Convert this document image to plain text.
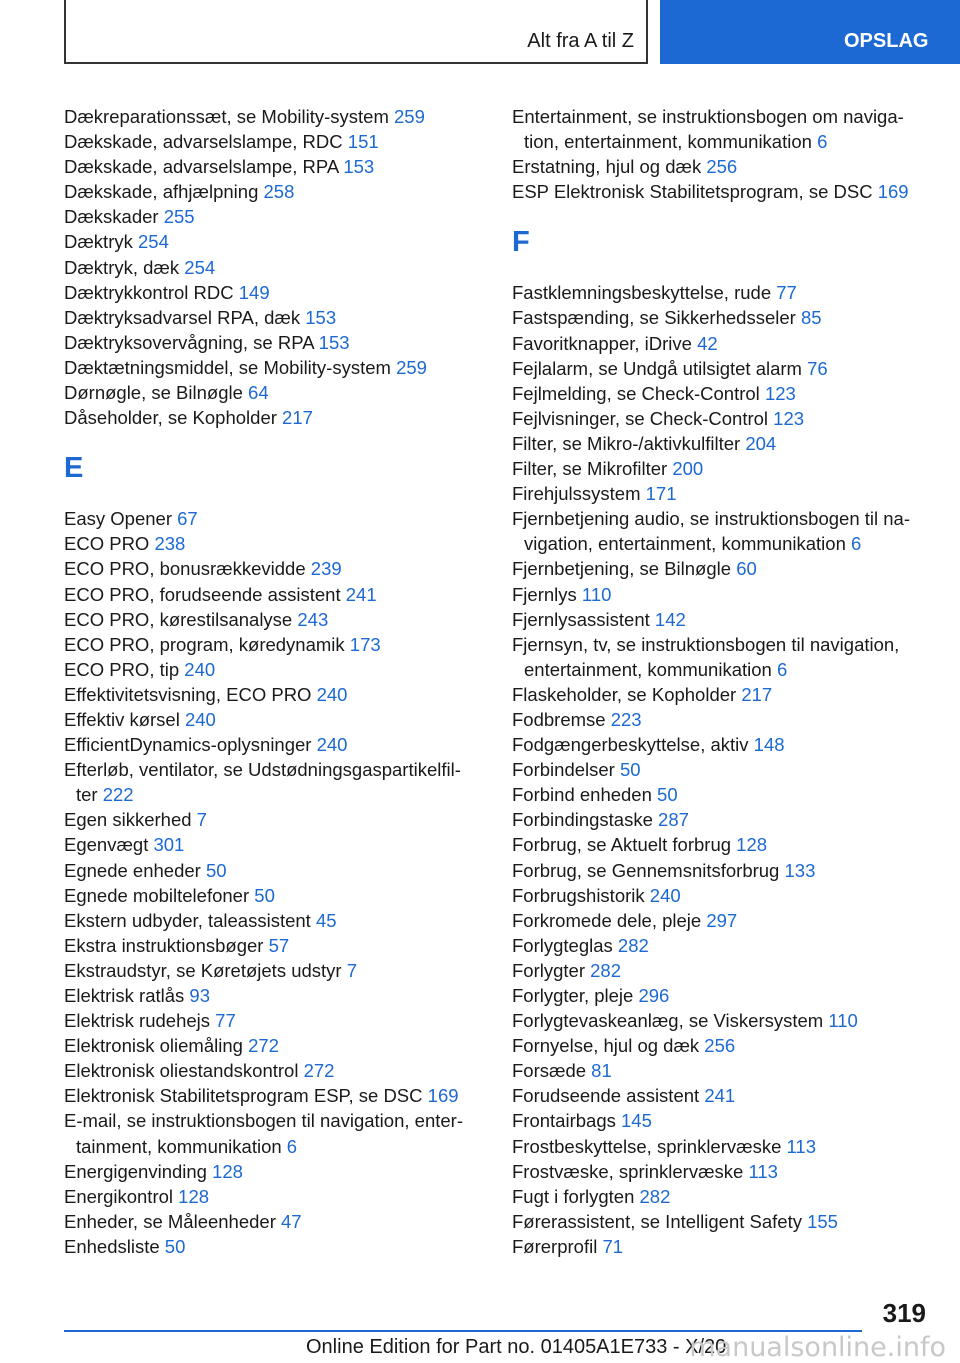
Alt fra A til Z	OPSLAG
Dækreparationssæt, se Mobility-system 259
Dækskade, advarselslampe, RDC 151
Dækskade, advarselslampe, RPA 153
Dækskade, afhjælpning 258
Dækskader 255
Dæktryk 254
Dæktryk, dæk 254
Dæktrykkontrol RDC 149
Dæktryksadvarsel RPA, dæk 153
Dæktryksovervågning, se RPA 153
Dæktætningsmiddel, se Mobility-system 259
Dørnøgle, se Bilnøgle 64
Dåseholder, se Kopholder 217
E
Easy Opener 67
ECO PRO 238
ECO PRO, bonusrækkevidde 239
ECO PRO, forudseende assistent 241
ECO PRO, kørestilsanalyse 243
ECO PRO, program, køredynamik 173
ECO PRO, tip 240
Effektivitetsvisning, ECO PRO 240
Effektiv kørsel 240
EfficientDynamics-oplysninger 240
Efterløb, ventilator, se Udstødningsgaspartikelfil‐ ter 222
Egen sikkerhed 7
Egenvægt 301
Egnede enheder 50
Egnede mobiltelefoner 50
Ekstern udbyder, taleassistent 45
Ekstra instruktionsbøger 57
Ekstraudstyr, se Køretøjets udstyr 7
Elektrisk ratlås 93
Elektrisk rudehejs 77
Elektronisk oliemåling 272
Elektronisk oliestandskontrol 272
Elektronisk Stabilitetsprogram ESP, se DSC 169
E-mail, se instruktionsbogen til navigation, enter‐ tainment, kommunikation 6
Energigenvinding 128
Energikontrol 128
Enheder, se Måleenheder 47
Enhedsliste 50
Entertainment, se instruktionsbogen om naviga‐ tion, entertainment, kommunikation 6
Erstatning, hjul og dæk 256
ESP Elektronisk Stabilitetsprogram, se DSC 169
F
Fastklemningsbeskyttelse, rude 77
Fastspænding, se Sikkerhedsseler 85
Favoritknapper, iDrive 42
Fejlalarm, se Undgå utilsigtet alarm 76
Fejlmelding, se Check-Control 123
Fejlvisninger, se Check-Control 123
Filter, se Mikro-/aktivkulfilter 204
Filter, se Mikrofilter 200
Firehjulssystem 171
Fjernbetjening audio, se instruktionsbogen til na‐ vigation, entertainment, kommunikation 6
Fjernbetjening, se Bilnøgle 60
Fjernlys 110
Fjernlysassistent 142
Fjernsyn, tv, se instruktionsbogen til navigation, entertainment, kommunikation 6
Flaskeholder, se Kopholder 217
Fodbremse 223
Fodgængerbeskyttelse, aktiv 148
Forbindelser 50
Forbind enheden 50
Forbindingstaske 287
Forbrug, se Aktuelt forbrug 128
Forbrug, se Gennemsnitsforbrug 133
Forbrugshistorik 240
Forkromede dele, pleje 297
Forlygteglas 282
Forlygter 282
Forlygter, pleje 296
Forlygtevaskeanlæg, se Viskersystem 110
Fornyelse, hjul og dæk 256
Forsæde 81
Forudseende assistent 241
Frontairbags 145
Frostbeskyttelse, sprinklervæske 113
Frostvæske, sprinklervæske 113
Fugt i forlygten 282
Førerassistent, se Intelligent Safety 155
Førerprofil 71
319
Online Edition for Part no. 01405A1E733 - X/20
manualsonline.info
